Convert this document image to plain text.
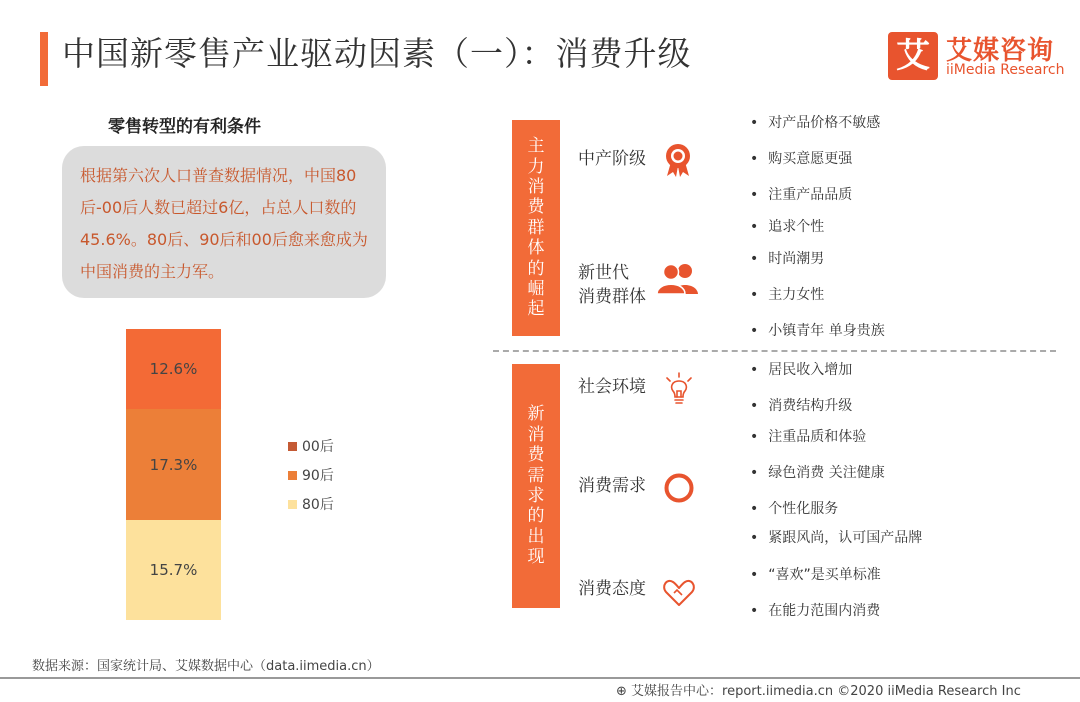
中国新零售产业驱动因素（一）：消费升级	艾 艾媒咨询
iiMedia Research
零售转型的有利条件
根据第六次人口普查数据情况，中国80后-00后人数已超过6亿，占总人口数的45.6%。80后、90后和00后愈来愈成为中国消费的主力军。
15.7%
17.3%
12.6%
00后
90后
80后
主力消费群体的崛起
中产阶级
新世代
消费群体
新消费需求的出现
社会环境
消费需求
消费态度
• 对产品价格不敏感
• 购买意愿更强
• 注重产品品质
• 追求个性
• 时尚潮男
• 主力女性
• 小镇青年 单身贵族
• 居民收入增加
• 消费结构升级
• 注重品质和体验
• 绿色消费 关注健康
• 个性化服务
• 紧跟风尚，认可国产品牌
• “喜欢”是买单标准
• 在能力范围内消费
数据来源：国家统计局、艾媒数据中心（data.iimedia.cn）
⊕ 艾媒报告中心：report.iimedia.cn ©2020 iiMedia Research Inc
